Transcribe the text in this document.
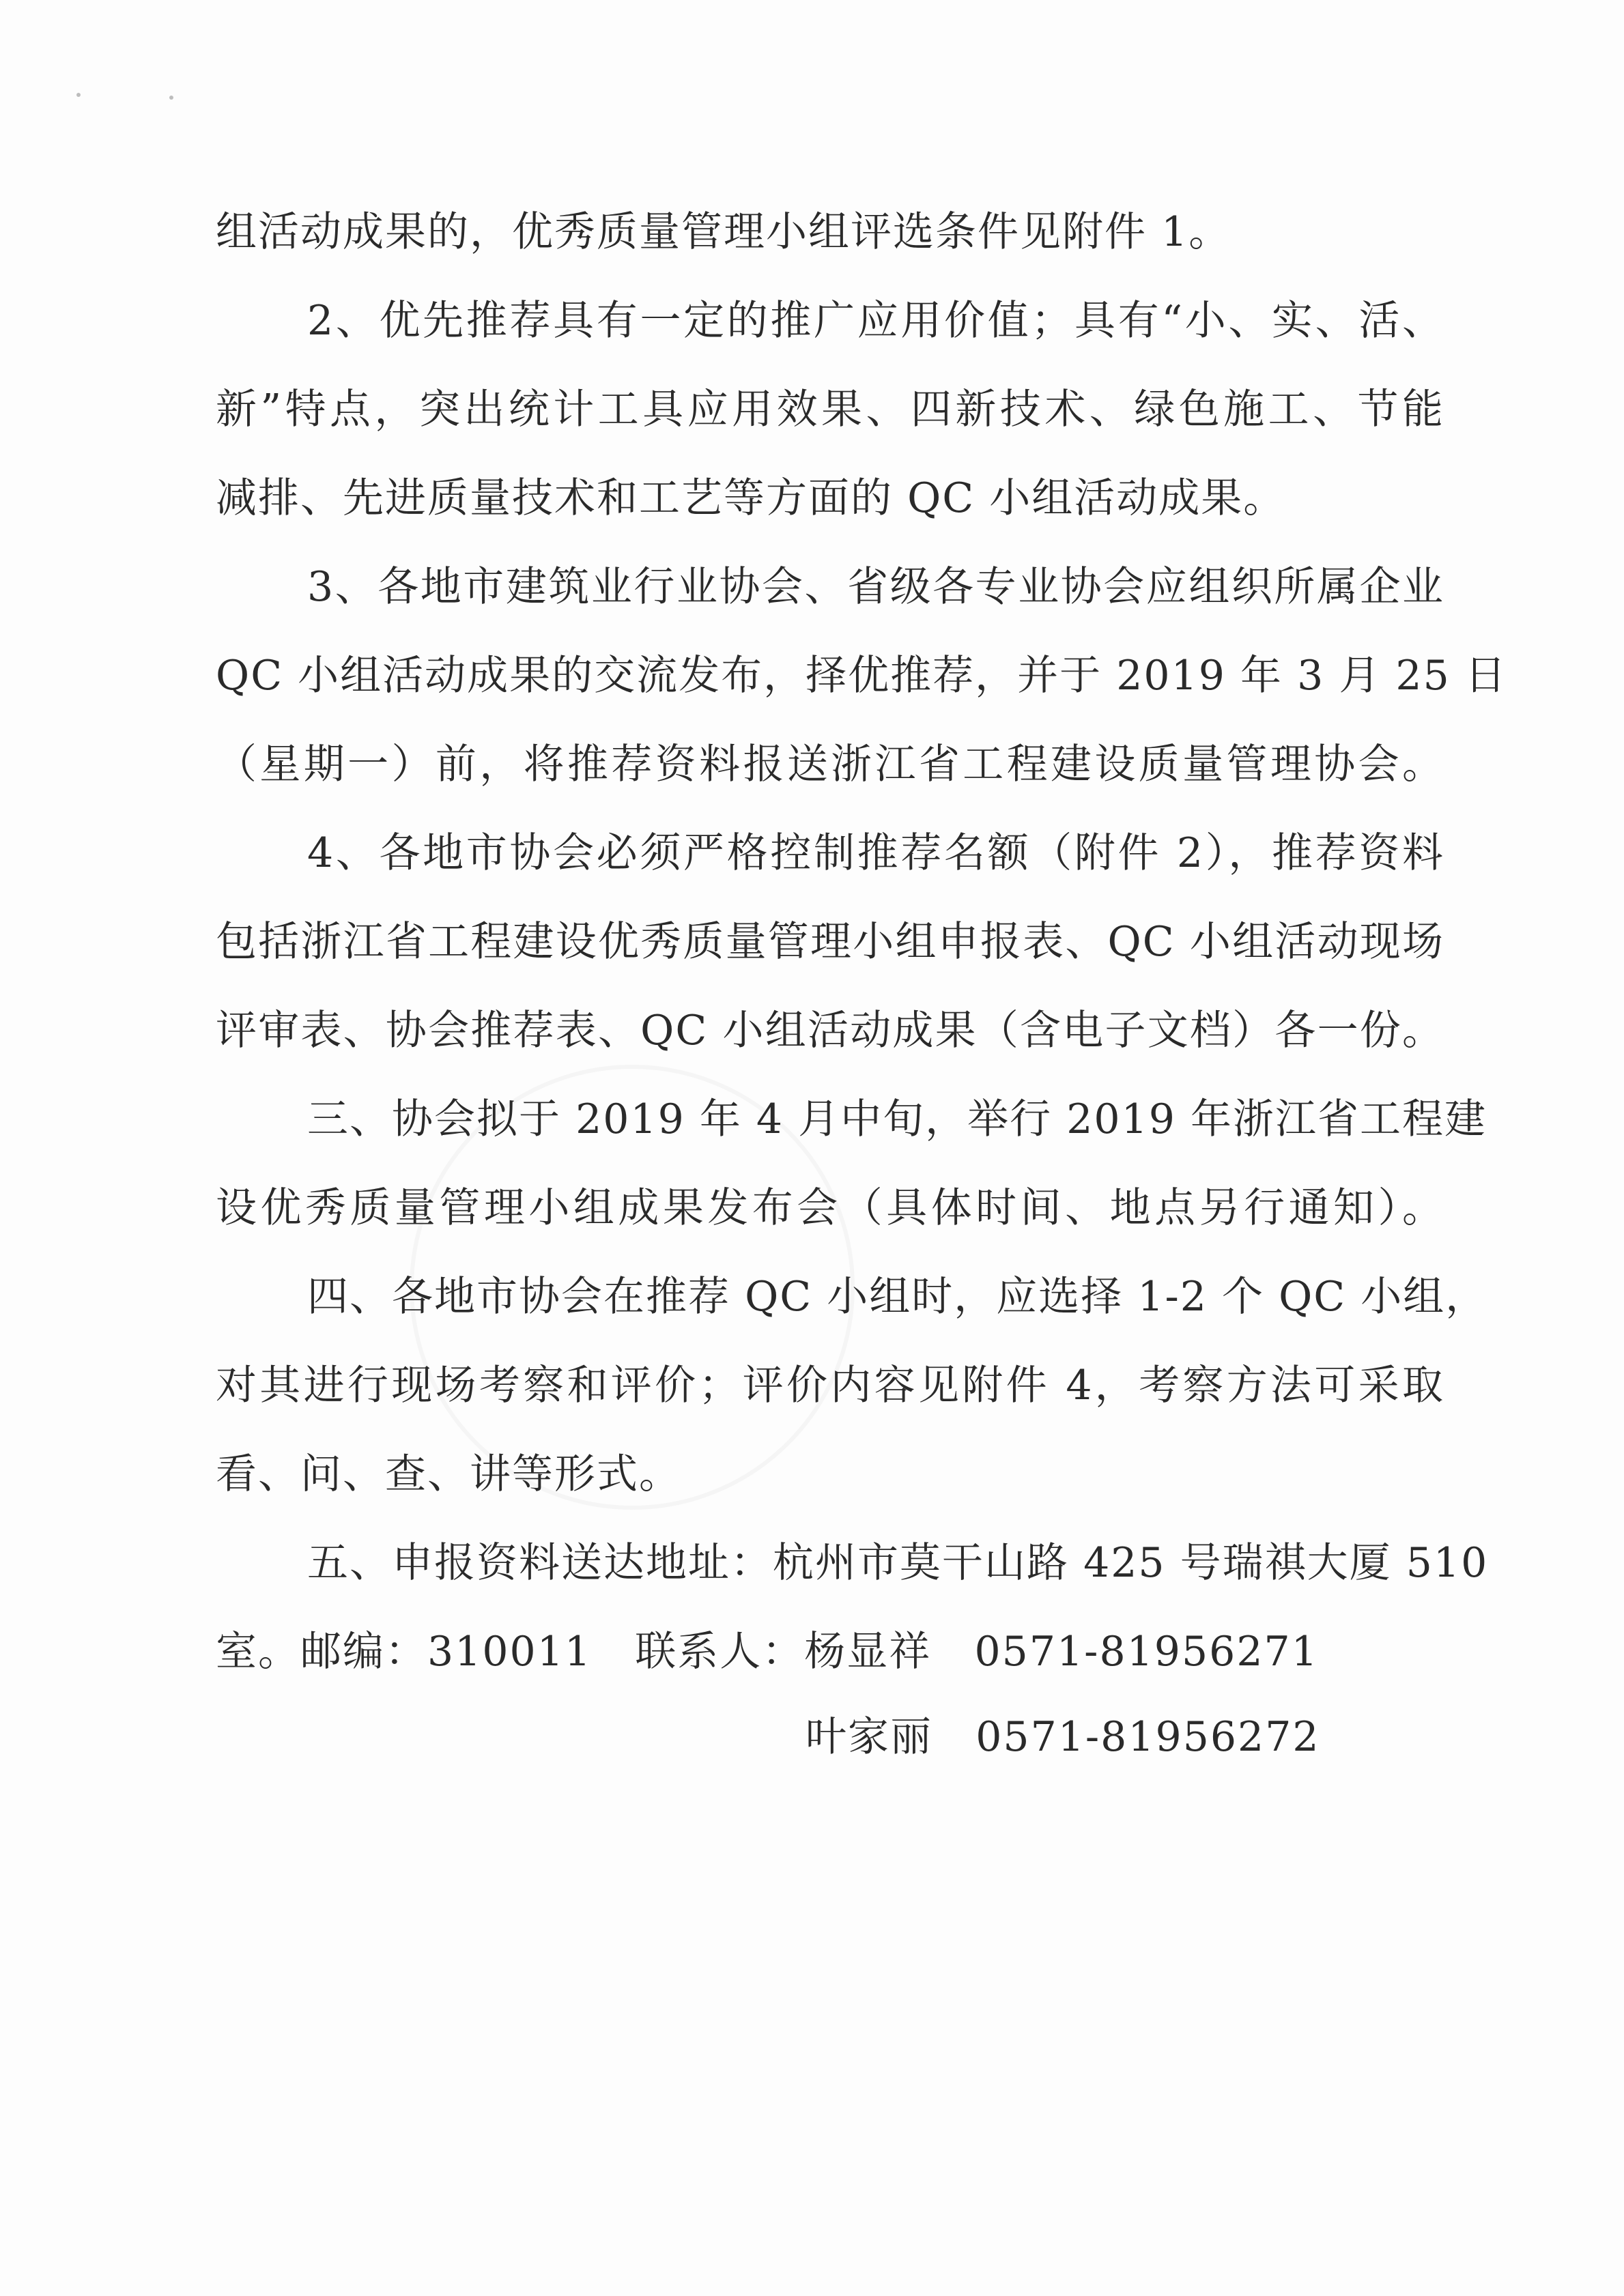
组活动成果的，优秀质量管理小组评选条件见附件 1。
2、优先推荐具有一定的推广应用价值；具有“小、实、活、
新”特点，突出统计工具应用效果、四新技术、绿色施工、节能
减排、先进质量技术和工艺等方面的 QC 小组活动成果。
3、各地市建筑业行业协会、省级各专业协会应组织所属企业
QC 小组活动成果的交流发布，择优推荐，并于 2019 年 3 月 25 日
（星期一）前，将推荐资料报送浙江省工程建设质量管理协会。
4、各地市协会必须严格控制推荐名额（附件 2），推荐资料
包括浙江省工程建设优秀质量管理小组申报表、QC 小组活动现场
评审表、协会推荐表、QC 小组活动成果（含电子文档）各一份。
三、协会拟于 2019 年 4 月中旬，举行 2019 年浙江省工程建
设优秀质量管理小组成果发布会（具体时间、地点另行通知）。
四、各地市协会在推荐 QC 小组时，应选择 1-2 个 QC 小组，
对其进行现场考察和评价；评价内容见附件 4，考察方法可采取
看、问、查、讲等形式。
五、申报资料送达地址：杭州市莫干山路 425 号瑞祺大厦 510
室。邮编：310011   联系人：杨显祥   0571-81956271
叶家丽   0571-81956272
